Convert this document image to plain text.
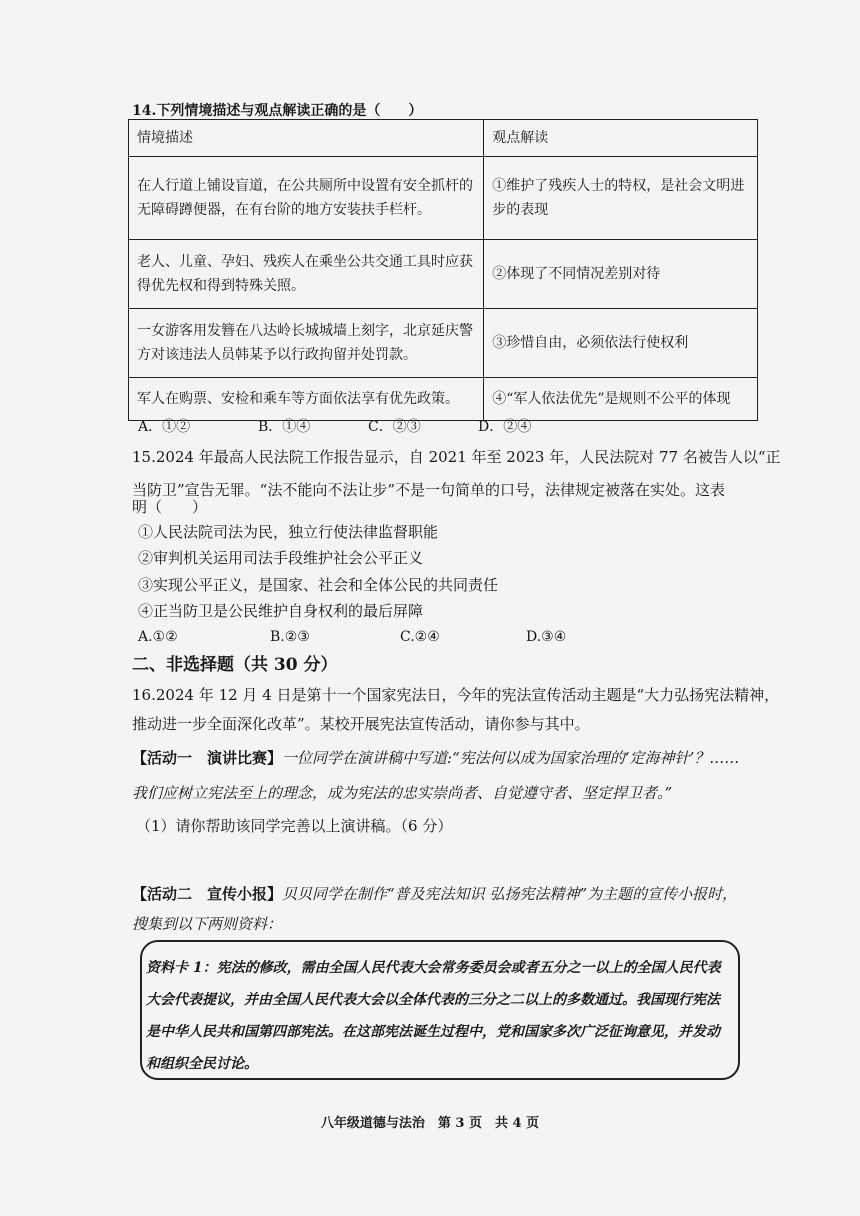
14.下列情境描述与观点解读正确的是（　　）
情境描述	观点解读
在人行道上铺设盲道，在公共厕所中设置有安全抓杆的无障碍蹲便器，在有台阶的地方安装扶手栏杆。	①维护了残疾人士的特权，是社会文明进步的表现
老人、儿童、孕妇、残疾人在乘坐公共交通工具时应获得优先权和得到特殊关照。	②体现了不同情况差别对待
一女游客用发簪在八达岭长城城墙上刻字，北京延庆警方对该违法人员韩某予以行政拘留并处罚款。	③珍惜自由，必须依法行使权利
军人在购票、安检和乘车等方面依法享有优先政策。	④“军人依法优先”是规则不公平的体现
A．①②	B．①④	C．②③	D．②④
15.2024 年最高人民法院工作报告显示，自 2021 年至 2023 年，人民法院对 77 名被告人以“正
当防卫”宣告无罪。“法不能向不法让步”不是一句简单的口号，法律规定被落在实处。这表
明（　　）
①人民法院司法为民，独立行使法律监督职能
②审判机关运用司法手段维护社会公平正义
③实现公平正义，是国家、社会和全体公民的共同责任
④正当防卫是公民维护自身权利的最后屏障
A.①②	B.②③	C.②④	D.③④
二、非选择题（共 30 分）
16.2024 年 12 月 4 日是第十一个国家宪法日，今年的宪法宣传活动主题是“大力弘扬宪法精神，
推动进一步全面深化改革”。某校开展宪法宣传活动，请你参与其中。
【活动一　演讲比赛】一位同学在演讲稿中写道:“宪法何以成为国家治理的‘定海神针’？……
我们应树立宪法至上的理念，成为宪法的忠实崇尚者、自觉遵守者、坚定捍卫者。”
（1）请你帮助该同学完善以上演讲稿。（6 分）
【活动二　宣传小报】贝贝同学在制作“普及宪法知识 弘扬宪法精神”为主题的宣传小报时，
搜集到以下两则资料：
资料卡 1：宪法的修改，需由全国人民代表大会常务委员会或者五分之一以上的全国人民代表
大会代表提议，并由全国人民代表大会以全体代表的三分之二以上的多数通过。我国现行宪法
是中华人民共和国第四部宪法。在这部宪法诞生过程中，党和国家多次广泛征询意见，并发动
和组织全民讨论。
八年级道德与法治　第 3 页　共 4 页
